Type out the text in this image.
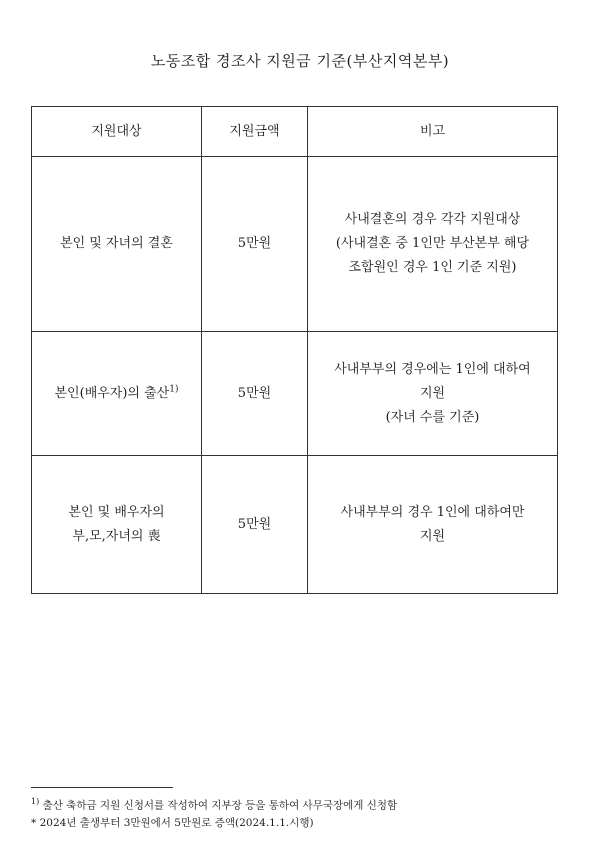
노동조합 경조사 지원금 기준(부산지역본부)
지원대상	지원금액	비고

본인 및 자녀의 결혼	5만원	사내결혼의 경우 각각 지원대상
(사내결혼 중 1인만 부산본부 해당
조합원인 경우 1인 기준 지원)

본인(배우자)의 출산$^{1)}$	5만원	사내부부의 경우에는 1인에 대하여
지원
(자녀 수를 기준)

본인 및 배우자의
부,모,자녀의 喪	5만원	사내부부의 경우 1인에 대하여만
지원
$^{1)}$ 출산 축하금 지원 신청서를 작성하여 지부장 등을 통하여 사무국장에게 신청함
* 2024년 출생부터 3만원에서 5만원로 증액(2024.1.1.시행)
